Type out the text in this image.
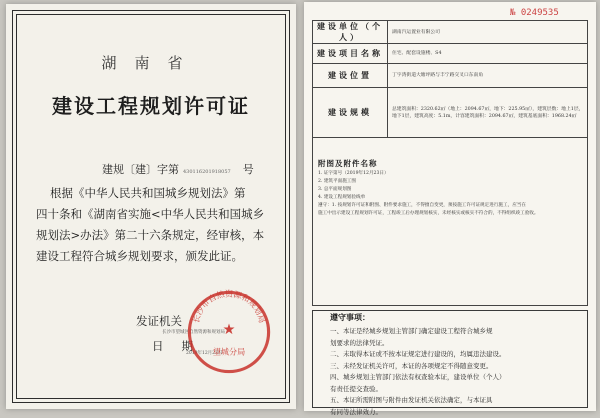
湖南省
建设工程规划许可证
建规〔建〕字第 430116201918057 号
根据《中华人民共和国城乡规划法》第
四十条和《湖南省实施<中华人民共和国城乡
规划法>办法》第二十六条规定，经审核，本
建设工程符合城乡规划要求，颁发此证。
发证机关
长沙市望城区自然资源和规划局
日期
2019年12月23日
长沙市自然资源和规划局
★
望城分局
№ 0249535
建设单位（个人）	湖南汽运置业有限公司
建设项目名称	住宅、配套设施楼、S4
建设位置	丁字湾街道大塘坪路与丰宁路交叉口东南角
建设规模	总建筑面积：2320.62㎡（地上：2094.67㎡，地下：225.95㎡），建筑层数：地上1层，地下1层，建筑高度：5.1m，计容建筑面积：2094.67㎡，建筑基底面积：1968.24㎡

附图及附件名称
1. 证字第号（2019年12月23日）
2. 建筑平面施工图
3. 总平面规划图
4. 建设工程规划验线单
遵守：1. 按规划许可证和附图、附件要求施工，不得擅自变更，须按施工许可证规定进行施工，应当在
施工中出示建设工程规划许可证，工程竣工后办理规划核实，未经核实或核实不符合的，不得组织竣工验收。
遵守事项：
一、本证是经城乡规划主管部门确定建设工程符合城乡规
划要求的法律凭证。
二、未取得本证或不按本证规定进行建设的，均属违法建设。
三、未经发证机关许可，本证的各项规定不得随意变更。
四、城乡规划主管部门依法有权查验本证，建设单位（个人）
有责任提交查验。
五、本证所需附图与附件由发证机关依法确定，与本证具
有同等法律效力。
